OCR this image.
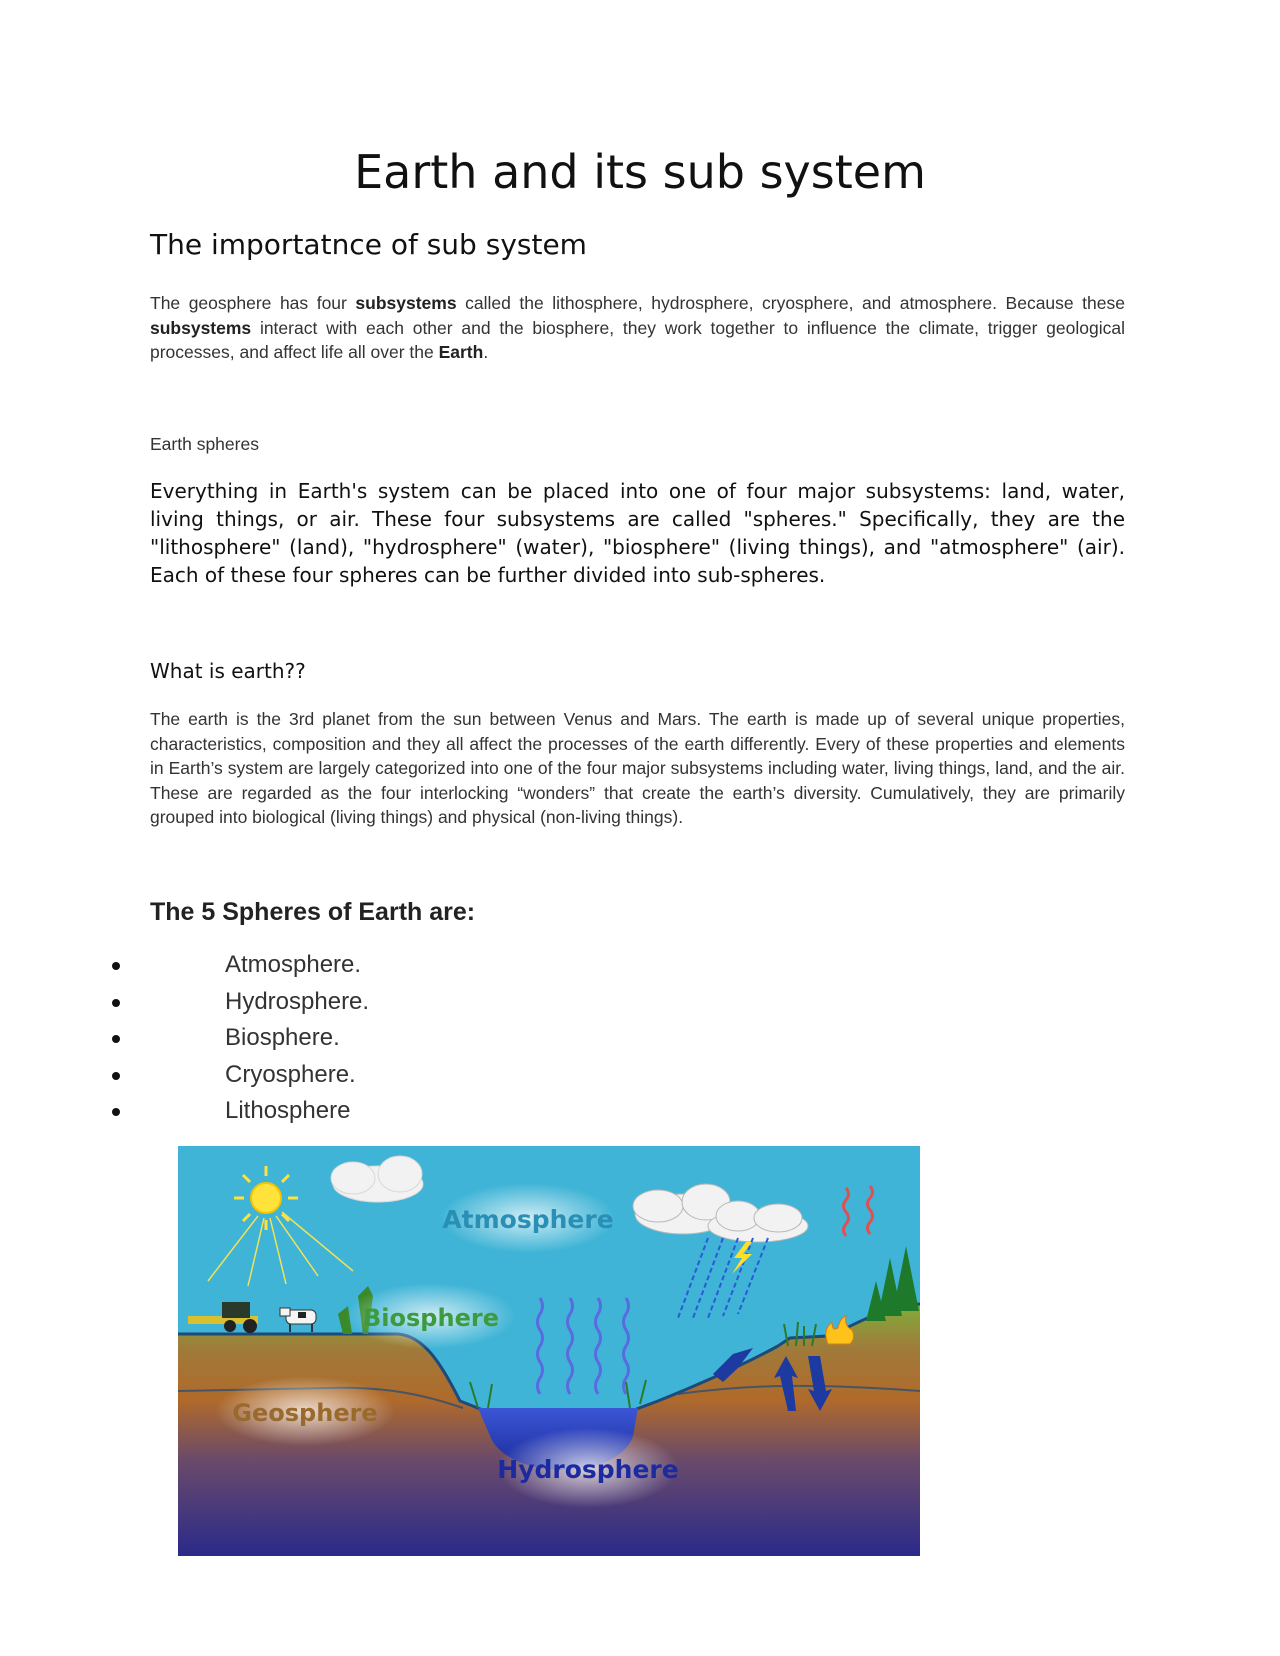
Earth and its sub system
The importatnce of sub system

The geosphere has four subsystems called the lithosphere, hydrosphere, cryosphere, and atmosphere. Because these subsystems interact with each other and the biosphere, they work together to influence the climate, trigger geological processes, and affect life all over the Earth.

Earth spheres

Everything in Earth's system can be placed into one of four major subsystems: land, water, living things, or air. These four subsystems are called "spheres." Specifically, they are the "lithosphere" (land), "hydrosphere" (water), "biosphere" (living things), and "atmosphere" (air). Each of these four spheres can be further divided into sub-spheres.

What is earth??

The earth is the 3rd planet from the sun between Venus and Mars. The earth is made up of several unique properties, characteristics, composition and they all affect the processes of the earth differently. Every of these properties and elements in Earth’s system are largely categorized into one of the four major subsystems including water, living things, land, and the air. These are regarded as the four interlocking “wonders” that create the earth’s diversity. Cumulatively, they are primarily grouped into biological (living things) and physical (non-living things).

The 5 Spheres of Earth are:
Atmosphere.
Hydrosphere.
Biosphere.
Cryosphere.
Lithosphere
Atmosphere
Biosphere
Geosphere
Hydrosphere
